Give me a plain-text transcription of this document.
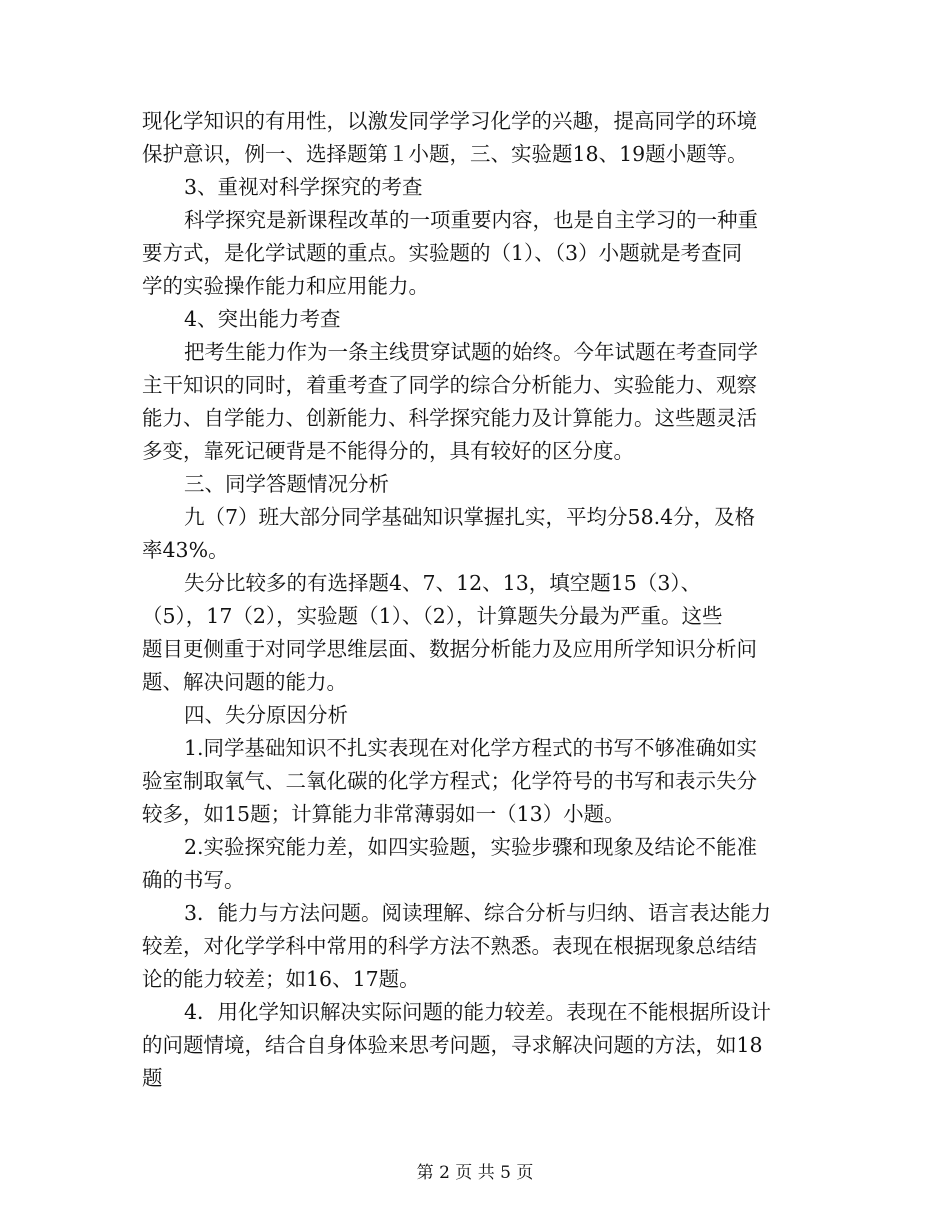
现化学知识的有用性，以激发同学学习化学的兴趣，提高同学的环境
保护意识，例一、选择题第１小题，三、实验题18、19题小题等。
3、重视对科学探究的考查
科学探究是新课程改革的一项重要内容，也是自主学习的一种重
要方式，是化学试题的重点。实验题的（1）、（3）小题就是考查同
学的实验操作能力和应用能力。
4、突出能力考查
把考生能力作为一条主线贯穿试题的始终。今年试题在考查同学
主干知识的同时，着重考查了同学的综合分析能力、实验能力、观察
能力、自学能力、创新能力、科学探究能力及计算能力。这些题灵活
多变，靠死记硬背是不能得分的，具有较好的区分度。
三、同学答题情况分析
九（7）班大部分同学基础知识掌握扎实，平均分58.4分，及格
率43%。
失分比较多的有选择题4、7、12、13，填空题15（3）、
（5），17（2），实验题（1）、（2），计算题失分最为严重。这些
题目更侧重于对同学思维层面、数据分析能力及应用所学知识分析问
题、解决问题的能力。
四、失分原因分析
1.同学基础知识不扎实表现在对化学方程式的书写不够准确如实
验室制取氧气、二氧化碳的化学方程式；化学符号的书写和表示失分
较多，如15题；计算能力非常薄弱如一（13）小题。
2.实验探究能力差，如四实验题，实验步骤和现象及结论不能准
确的书写。
3．能力与方法问题。阅读理解、综合分析与归纳、语言表达能力
较差，对化学学科中常用的科学方法不熟悉。表现在根据现象总结结
论的能力较差；如16、17题。
4．用化学知识解决实际问题的能力较差。表现在不能根据所设计
的问题情境，结合自身体验来思考问题，寻求解决问题的方法，如18
题
第 2 页 共 5 页
